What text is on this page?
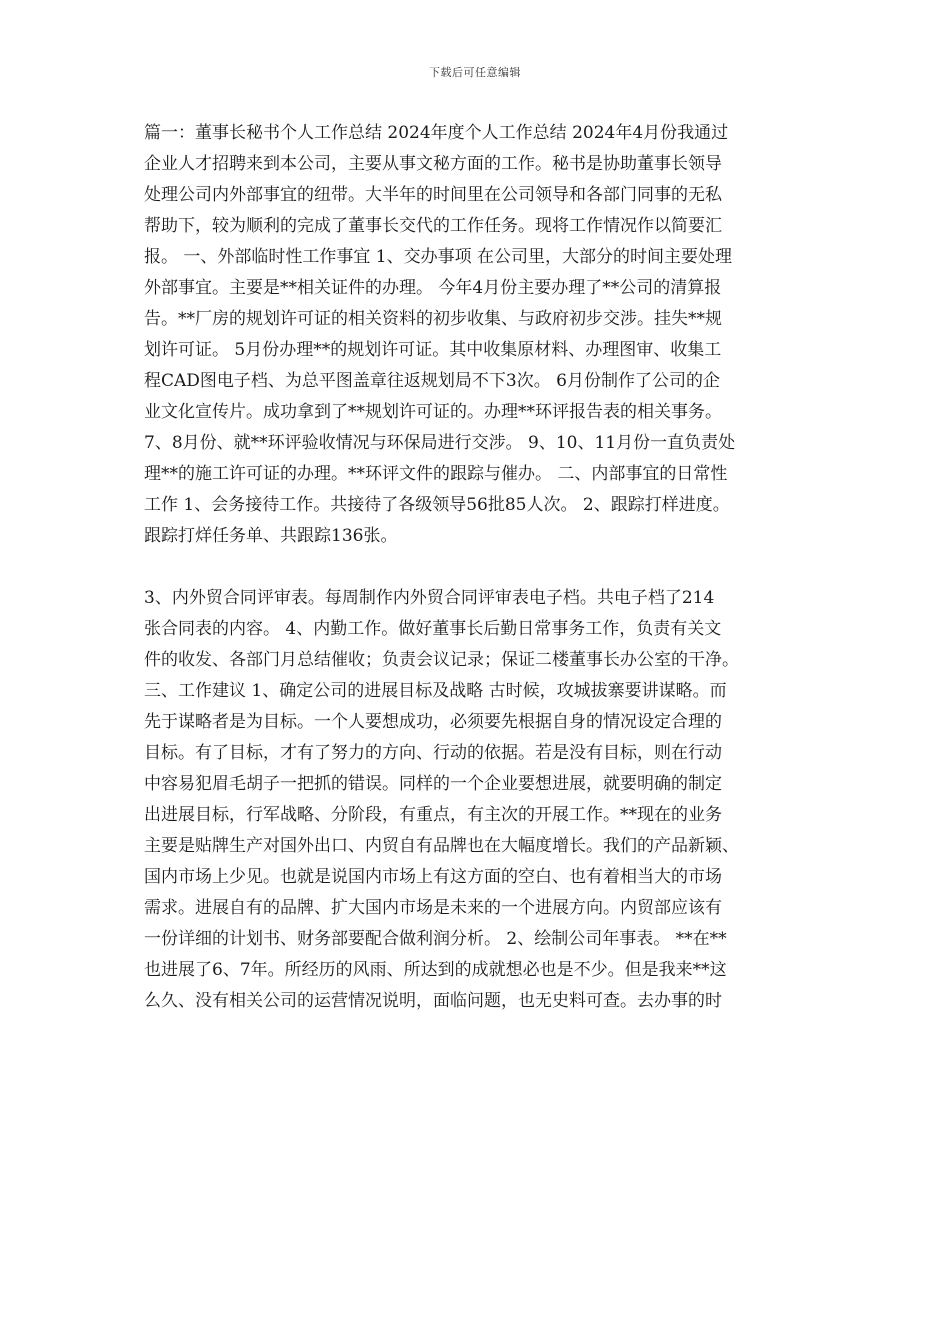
下载后可任意编辑
篇一：董事长秘书个人工作总结 2024年度个人工作总结 2024年4月份我通过
企业人才招聘来到本公司，主要从事文秘方面的工作。秘书是协助董事长领导
处理公司内外部事宜的纽带。大半年的时间里在公司领导和各部门同事的无私
帮助下，较为顺利的完成了董事长交代的工作任务。现将工作情况作以简要汇
报。 一、外部临时性工作事宜 1、交办事项 在公司里，大部分的时间主要处理
外部事宜。主要是**相关证件的办理。 今年4月份主要办理了**公司的清算报
告。**厂房的规划许可证的相关资料的初步收集、与政府初步交涉。挂失**规
划许可证。 5月份办理**的规划许可证。其中收集原材料、办理图审、收集工
程CAD图电子档、为总平图盖章往返规划局不下3次。 6月份制作了公司的企
业文化宣传片。成功拿到了**规划许可证的。办理**环评报告表的相关事务。
7、8月份、就**环评验收情况与环保局进行交涉。 9、10、11月份一直负责处
理**的施工许可证的办理。**环评文件的跟踪与催办。 二、内部事宜的日常性
工作 1、会务接待工作。共接待了各级领导56批85人次。 2、跟踪打样进度。
跟踪打烊任务单、共跟踪136张。
3、内外贸合同评审表。每周制作内外贸合同评审表电子档。共电子档了214
张合同表的内容。 4、内勤工作。做好董事长后勤日常事务工作，负责有关文
件的收发、各部门月总结催收；负责会议记录；保证二楼董事长办公室的干净。
三、工作建议 1、确定公司的进展目标及战略 古时候，攻城拔寨要讲谋略。而
先于谋略者是为目标。一个人要想成功，必须要先根据自身的情况设定合理的
目标。有了目标，才有了努力的方向、行动的依据。若是没有目标，则在行动
中容易犯眉毛胡子一把抓的错误。同样的一个企业要想进展，就要明确的制定
出进展目标，行军战略、分阶段，有重点，有主次的开展工作。**现在的业务
主要是贴牌生产对国外出口、内贸自有品牌也在大幅度增长。我们的产品新颖、
国内市场上少见。也就是说国内市场上有这方面的空白、也有着相当大的市场
需求。进展自有的品牌、扩大国内市场是未来的一个进展方向。内贸部应该有
一份详细的计划书、财务部要配合做利润分析。 2、绘制公司年事表。 **在**
也进展了6、7年。所经历的风雨、所达到的成就想必也是不少。但是我来**这
么久、没有相关公司的运营情况说明，面临问题，也无史料可查。去办事的时
